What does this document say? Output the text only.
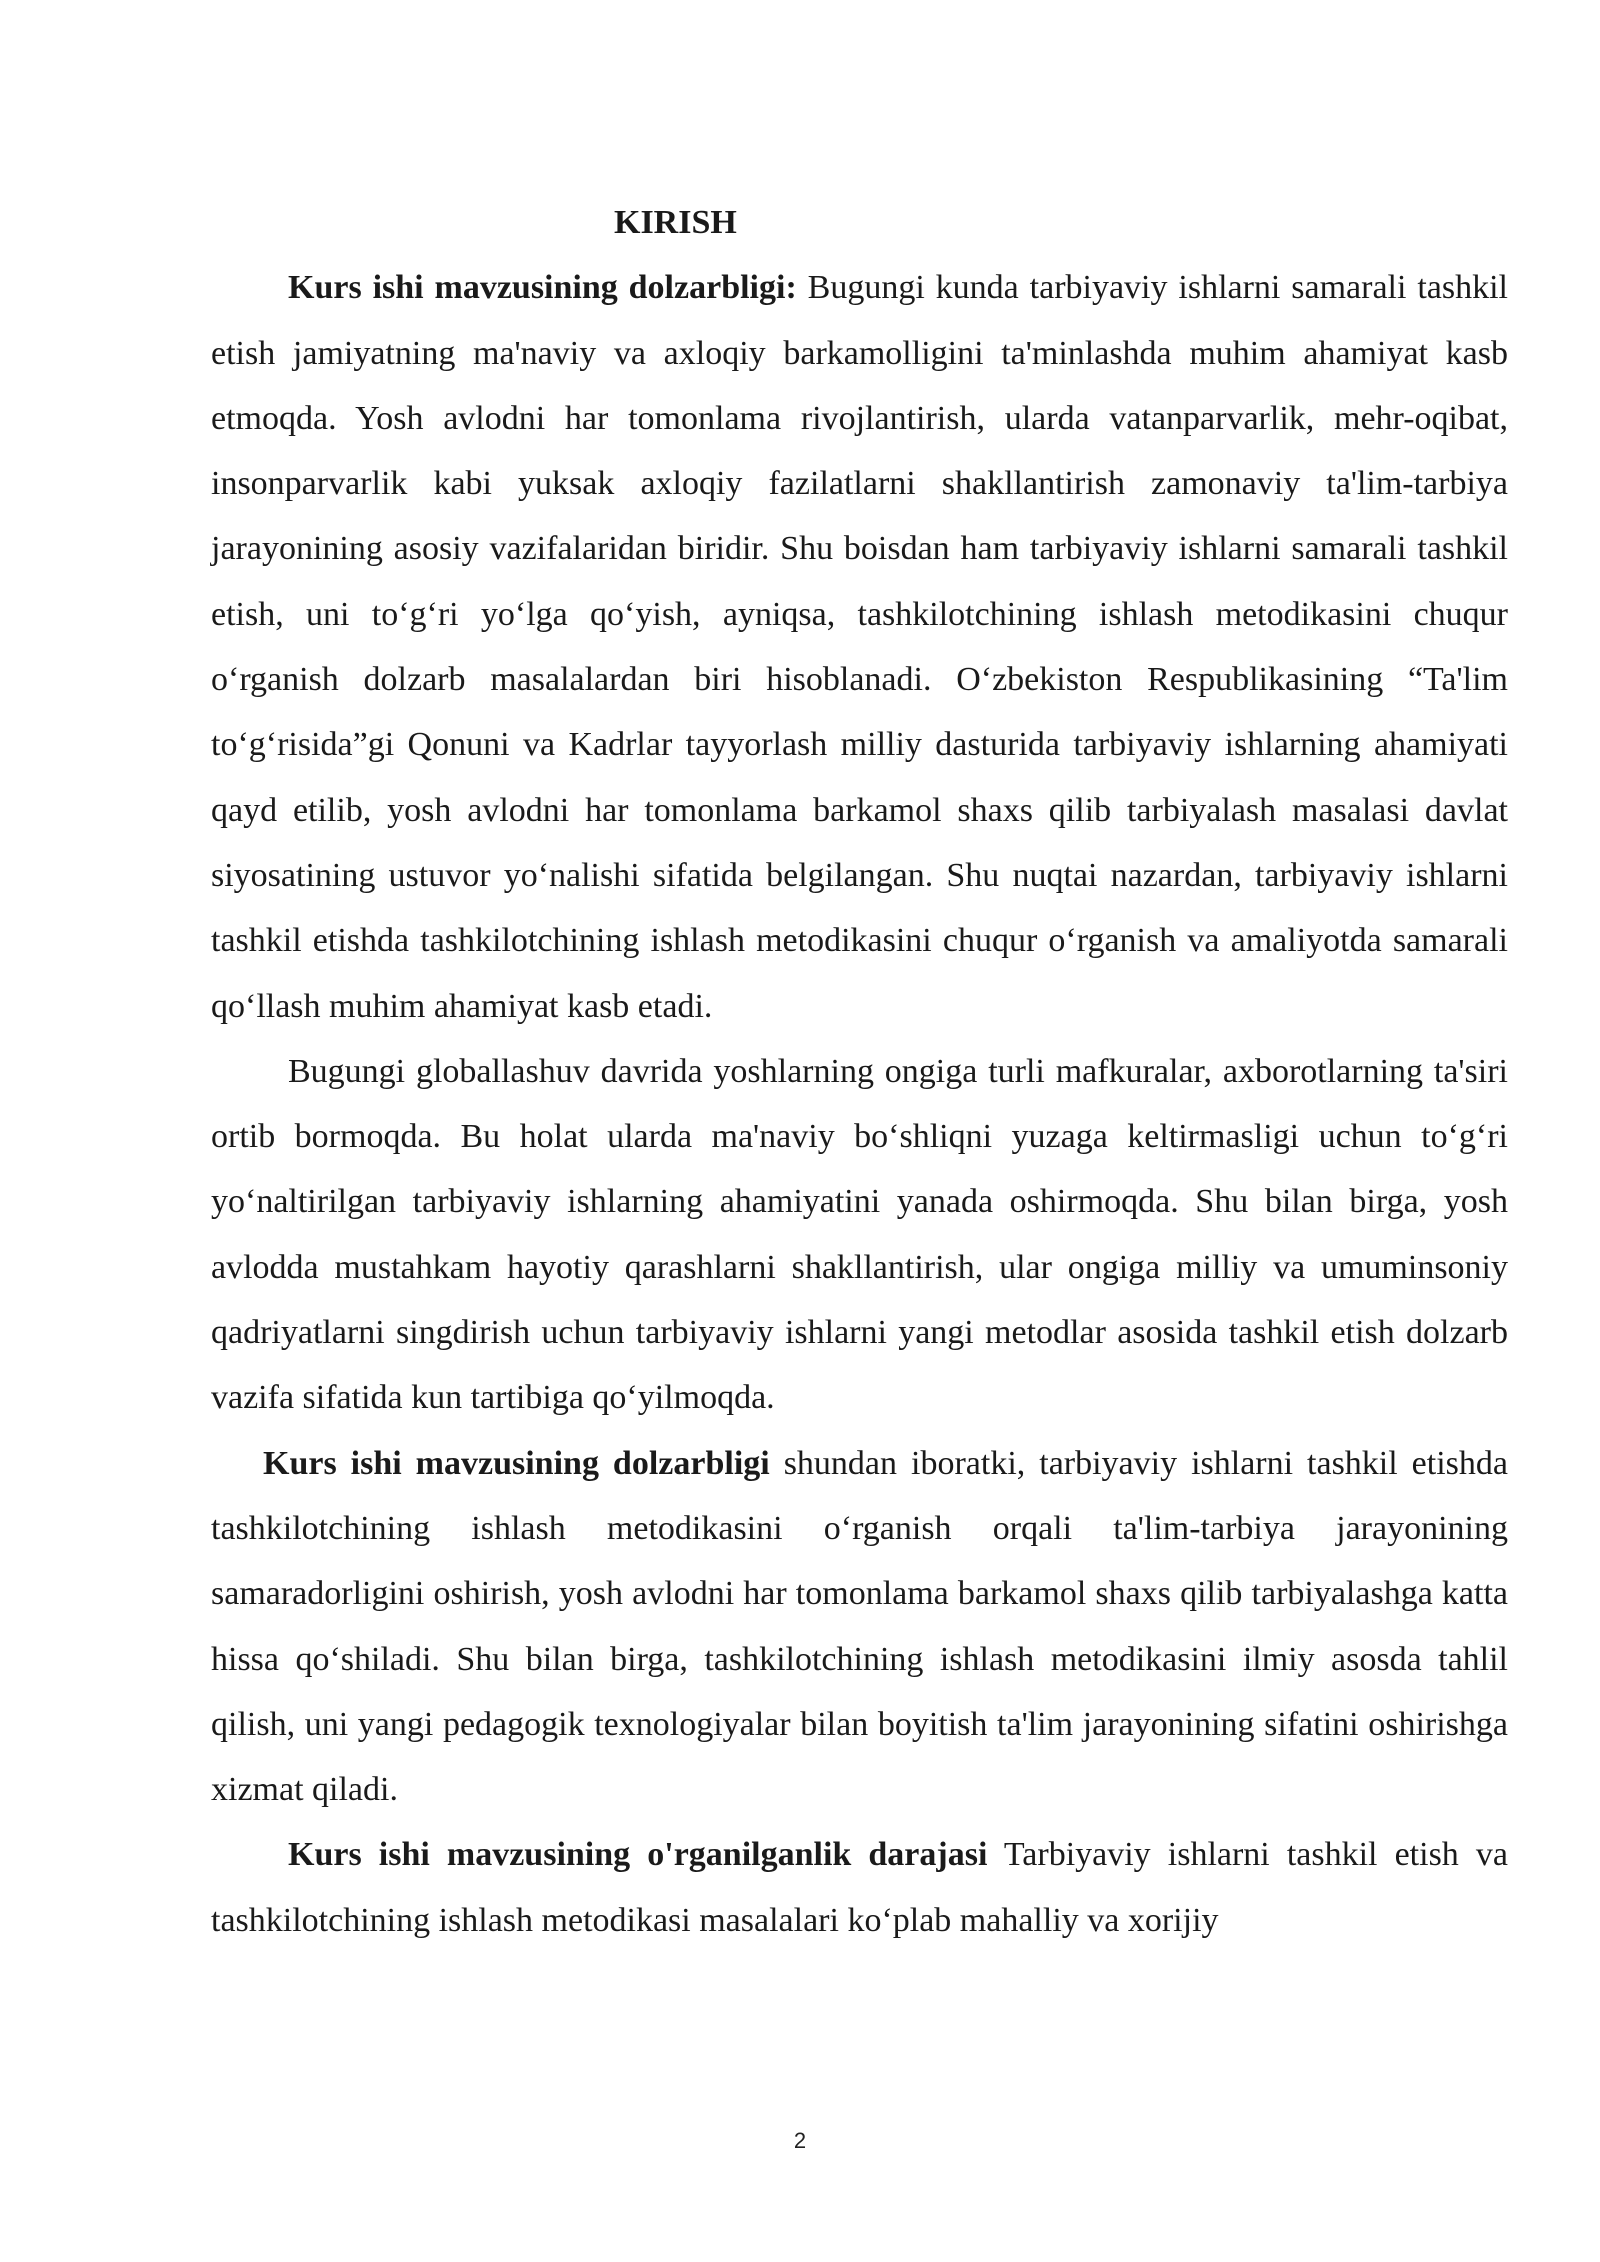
KIRISH

Kurs ishi mavzusining dolzarbligi: Bugungi kunda tarbiyaviy ishlarni samarali tashkil etish jamiyatning ma'naviy va axloqiy barkamolligini ta'minlashda muhim ahamiyat kasb etmoqda. Yosh avlodni har tomonlama rivojlantirish, ularda vatanparvarlik, mehr-oqibat, insonparvarlik kabi yuksak axloqiy fazilatlarni shakllantirish zamonaviy ta'lim-tarbiya jarayonining asosiy vazifalaridan biridir. Shu boisdan ham tarbiyaviy ishlarni samarali tashkil etish, uni to‘g‘ri yo‘lga qo‘yish, ayniqsa, tashkilotchining ishlash metodikasini chuqur o‘rganish dolzarb masalalardan biri hisoblanadi. O‘zbekiston Respublikasining “Ta'lim to‘g‘risida”gi Qonuni va Kadrlar tayyorlash milliy dasturida tarbiyaviy ishlarning ahamiyati qayd etilib, yosh avlodni har tomonlama barkamol shaxs qilib tarbiyalash masalasi davlat siyosatining ustuvor yo‘nalishi sifatida belgilangan. Shu nuqtai nazardan, tarbiyaviy ishlarni tashkil etishda tashkilotchining ishlash metodikasini chuqur o‘rganish va amaliyotda samarali qo‘llash muhim ahamiyat kasb etadi.

Bugungi globallashuv davrida yoshlarning ongiga turli mafkuralar, axborotlarning ta'siri ortib bormoqda. Bu holat ularda ma'naviy bo‘shliqni yuzaga keltirmasligi uchun to‘g‘ri yo‘naltirilgan tarbiyaviy ishlarning ahamiyatini yanada oshirmoqda. Shu bilan birga, yosh avlodda mustahkam hayotiy qarashlarni shakllantirish, ular ongiga milliy va umuminsoniy qadriyatlarni singdirish uchun tarbiyaviy ishlarni yangi metodlar asosida tashkil etish dolzarb vazifa sifatida kun tartibiga qo‘yilmoqda.

Kurs ishi mavzusining dolzarbligi shundan iboratki, tarbiyaviy ishlarni tashkil etishda tashkilotchining ishlash metodikasini o‘rganish orqali ta'lim-tarbiya jarayonining samaradorligini oshirish, yosh avlodni har tomonlama barkamol shaxs qilib tarbiyalashga katta hissa qo‘shiladi. Shu bilan birga, tashkilotchining ishlash metodikasini ilmiy asosda tahlil qilish, uni yangi pedagogik texnologiyalar bilan boyitish ta'lim jarayonining sifatini oshirishga xizmat qiladi.

Kurs ishi mavzusining o'rganilganlik darajasi Tarbiyaviy ishlarni tashkil etish va tashkilotchining ishlash metodikasi masalalari ko‘plab mahalliy va xorijiy

2
